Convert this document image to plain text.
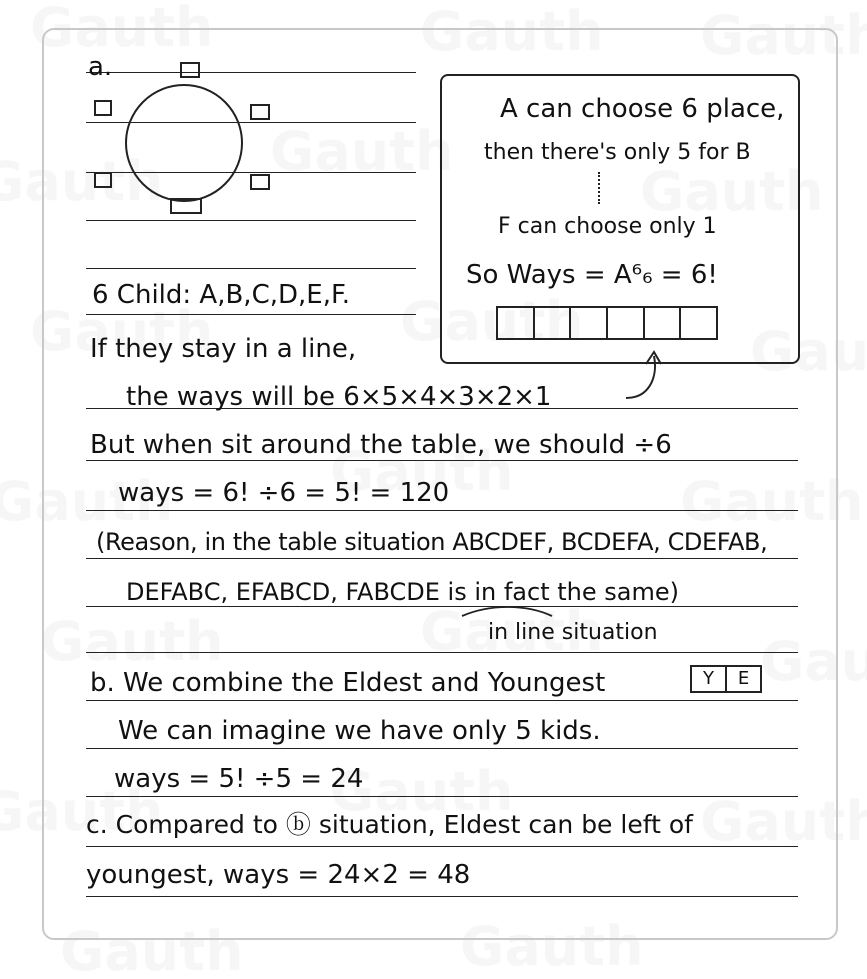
a.
6 Child: A,B,C,D,E,F.
If they stay in a line,
the ways will be 6×5×4×3×2×1
But when sit around the table, we should ÷6
ways = 6! ÷6 = 5! = 120
(Reason, in the table situation ABCDEF, BCDEFA, CDEFAB,
DEFABC, EFABCD, FABCDE is in fact the same)
in line situation
A can choose 6 place,
then there's only 5 for B
F can choose only 1
So Ways = A⁶₆ = 6!
b. We combine the Eldest and Youngest	Y	E
We can imagine we have only 5 kids.
ways = 5! ÷5 = 24
c. Compared to ⓑ situation, Eldest can be left of
youngest, ways = 24×2 = 48
